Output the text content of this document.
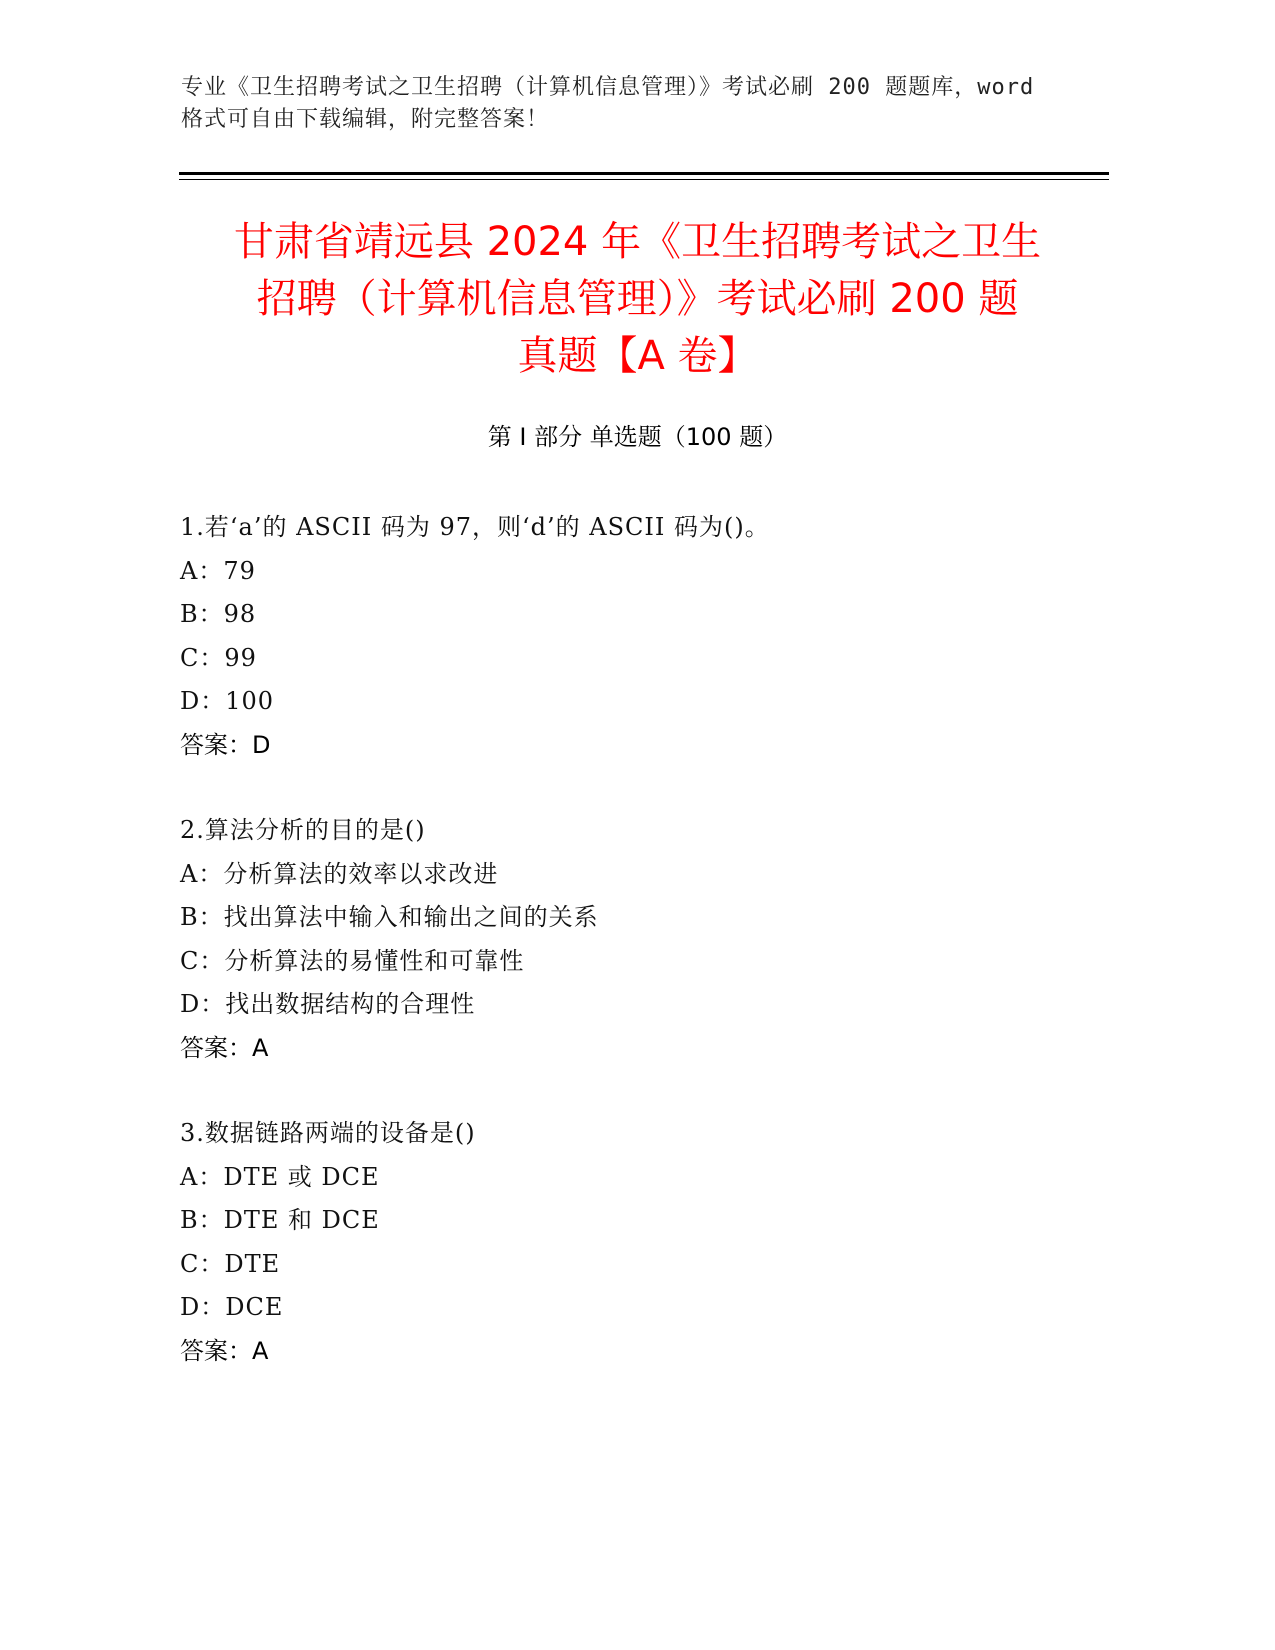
专业《卫生招聘考试之卫生招聘（计算机信息管理）》考试必刷 200 题题库，word
格式可自由下载编辑，附完整答案！
甘肃省靖远县 2024 年《卫生招聘考试之卫生
招聘（计算机信息管理）》考试必刷 200 题
真题【A 卷】
第 I 部分 单选题（100 题）
1.若‘a’的 ASCII 码为 97，则‘d’的 ASCII 码为()。
A：79
B：98
C：99
D：100
答案：D
2.算法分析的目的是()
A：分析算法的效率以求改进
B：找出算法中输入和输出之间的关系
C：分析算法的易懂性和可靠性
D：找出数据结构的合理性
答案：A
3.数据链路两端的设备是()
A：DTE 或 DCE
B：DTE 和 DCE
C：DTE
D：DCE
答案：A
